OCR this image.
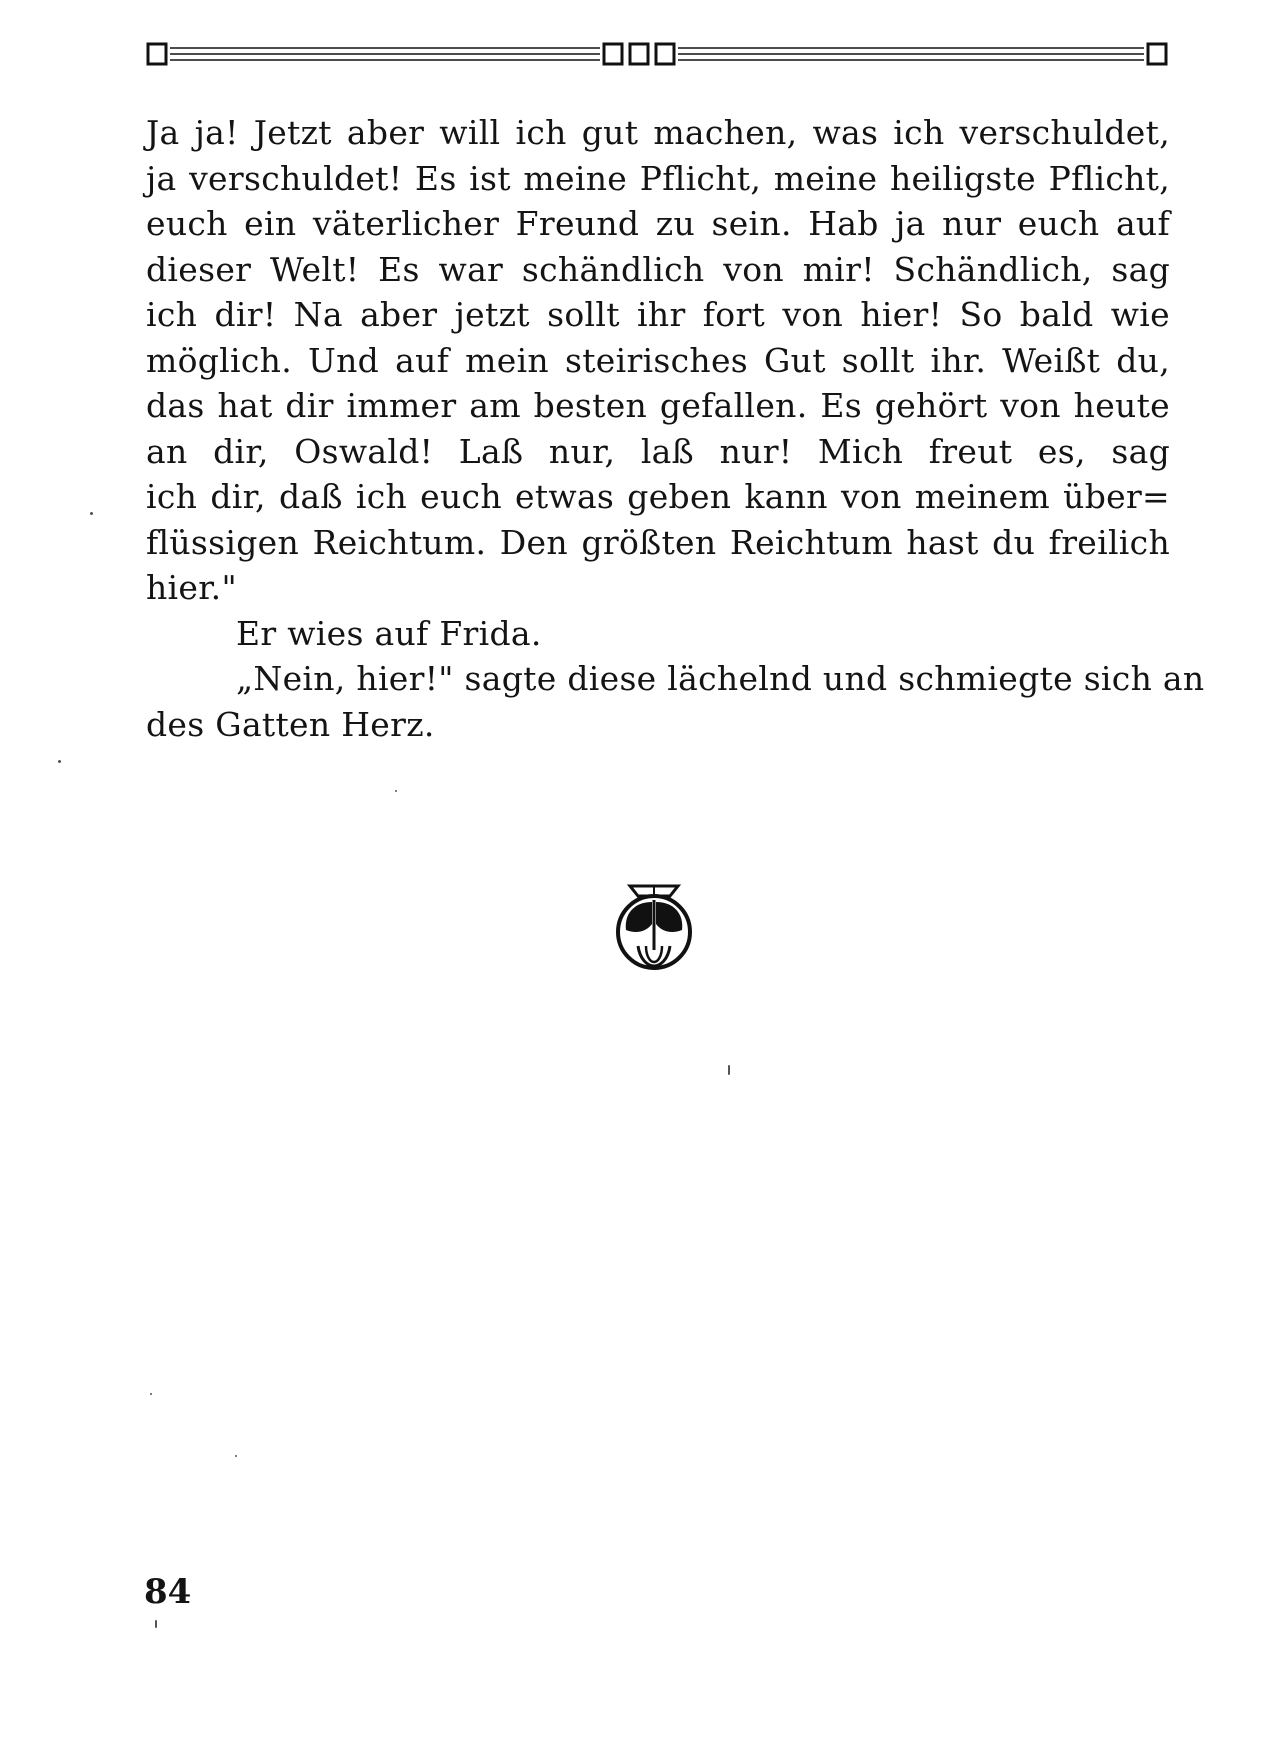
Ja ja! Jetzt aber will ich gut machen, was ich verschuldet,
ja verschuldet! Es ist meine Pflicht, meine heiligste Pflicht,
euch ein väterlicher Freund zu sein. Hab ja nur euch auf
dieser Welt! Es war schändlich von mir! Schändlich, sag
ich dir! Na aber jetzt sollt ihr fort von hier! So bald wie
möglich. Und auf mein steirisches Gut sollt ihr. Weißt du,
das hat dir immer am besten gefallen. Es gehört von heute
an dir, Oswald! Laß nur, laß nur! Mich freut es, sag
ich dir, daß ich euch etwas geben kann von meinem über=
flüssigen Reichtum. Den größten Reichtum hast du freilich
hier."

Er wies auf Frida.

„Nein, hier!" sagte diese lächelnd und schmiegte sich an
des Gatten Herz.

84
